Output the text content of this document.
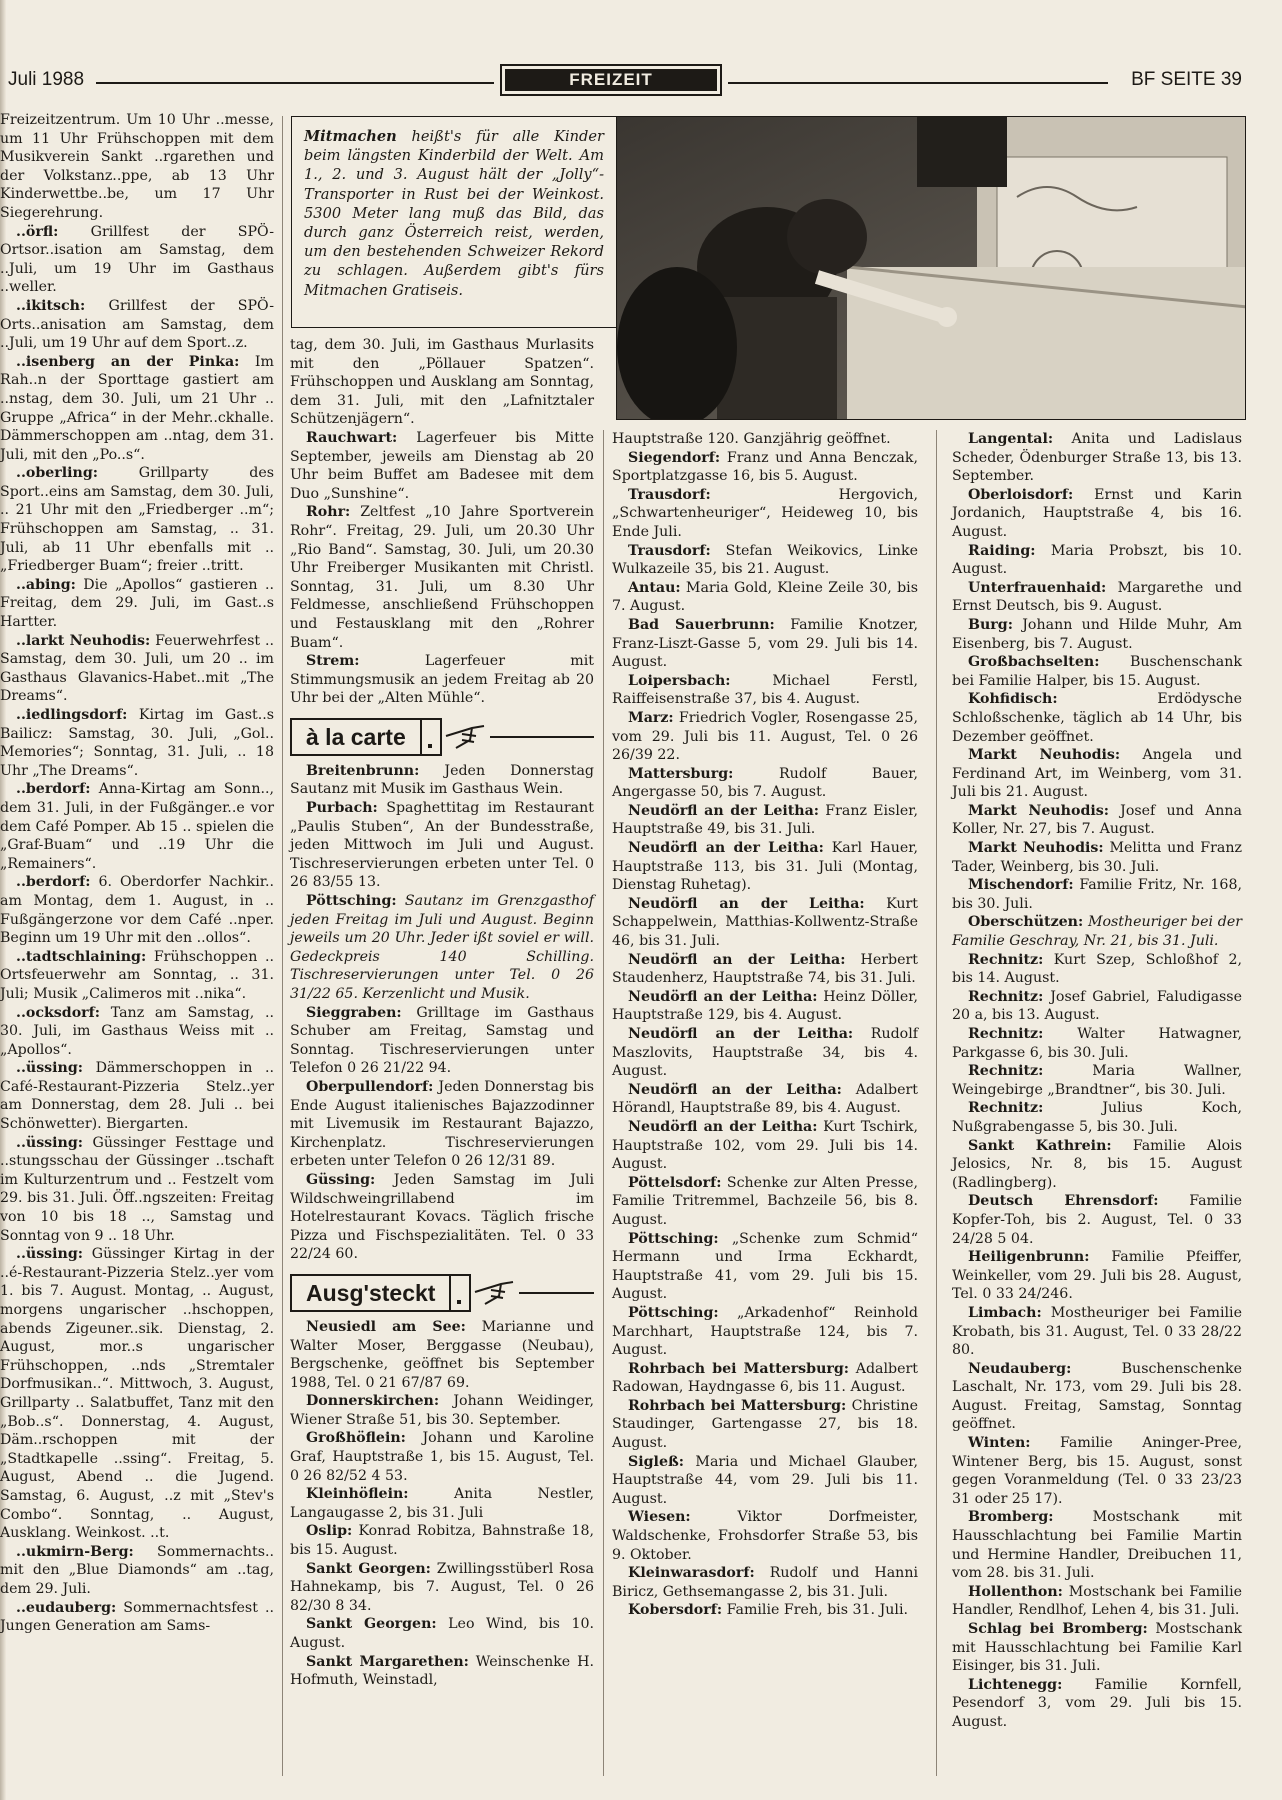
Juli 1988	FREIZEIT	BF SEITE 39
Mitmachen heißt's für alle Kinder beim längsten Kinderbild der Welt. Am 1., 2. und 3. August hält der „Jolly“-Transporter in Rust bei der Weinkost. 5300 Meter lang muß das Bild, das durch ganz Österreich reist, werden, um den bestehenden Schweizer Rekord zu schlagen. Außerdem gibt's fürs Mitmachen Gratiseis.

Freizeitzentrum. Um 10 Uhr ..messe, um 11 Uhr Frühschoppen mit dem Musikverein Sankt ..rgarethen und der Volkstanz..ppe, ab 13 Uhr Kinderwettbe..be, um 17 Uhr Siegerehrung.

..örfl: Grillfest der SPÖ-Ortsor..isation am Samstag, dem ..Juli, um 19 Uhr im Gasthaus ..weller.

..ikitsch: Grillfest der SPÖ-Orts..anisation am Samstag, dem ..Juli, um 19 Uhr auf dem Sport..z.

..isenberg an der Pinka: Im Rah..n der Sporttage gastiert am ..nstag, dem 30. Juli, um 21 Uhr .. Gruppe „Africa“ in der Mehr..ckhalle. Dämmerschoppen am ..ntag, dem 31. Juli, mit den „Po..s“.

..oberling: Grillparty des Sport..eins am Samstag, dem 30. Juli, .. 21 Uhr mit den „Friedberger ..m“; Frühschoppen am Samstag, .. 31. Juli, ab 11 Uhr ebenfalls mit .. „Friedberger Buam“; freier ..tritt.

..abing: Die „Apollos“ gastieren .. Freitag, dem 29. Juli, im Gast..s Hartter.

..larkt Neuhodis: Feuerwehrfest .. Samstag, dem 30. Juli, um 20 .. im Gasthaus Glavanics-Habet..mit „The Dreams“.

..iedlingsdorf: Kirtag im Gast..s Bailicz: Samstag, 30. Juli, „Gol.. Memories“; Sonntag, 31. Juli, .. 18 Uhr „The Dreams“.

..berdorf: Anna-Kirtag am Sonn.., dem 31. Juli, in der Fußgänger..e vor dem Café Pomper. Ab 15 .. spielen die „Graf-Buam“ und ..19 Uhr die „Remainers“.

..berdorf: 6. Oberdorfer Nachkir.. am Montag, dem 1. August, in .. Fußgängerzone vor dem Café ..nper. Beginn um 19 Uhr mit den ..ollos“.

..tadtschlaining: Frühschoppen .. Ortsfeuerwehr am Sonntag, .. 31. Juli; Musik „Calimeros mit ..nika“.

..ocksdorf: Tanz am Samstag, .. 30. Juli, im Gasthaus Weiss mit .. „Apollos“.

..üssing: Dämmerschoppen in .. Café-Restaurant-Pizzeria Stelz..yer am Donnerstag, dem 28. Juli .. bei Schönwetter). Biergarten.

..üssing: Güssinger Festtage und ..stungsschau der Güssinger ..tschaft im Kulturzentrum und .. Festzelt vom 29. bis 31. Juli. Öff..ngszeiten: Freitag von 10 bis 18 .., Samstag und Sonntag von 9 .. 18 Uhr.

..üssing: Güssinger Kirtag in der ..é-Restaurant-Pizzeria Stelz..yer vom 1. bis 7. August. Montag, .. August, morgens ungarischer ..hschoppen, abends Zigeuner..sik. Dienstag, 2. August, mor..s ungarischer Frühschoppen, ..nds „Stremtaler Dorfmusikan..“. Mittwoch, 3. August, Grillparty .. Salatbuffet, Tanz mit den „Bob..s“. Donnerstag, 4. August, Däm..rschoppen mit der „Stadtkapelle ..ssing“. Freitag, 5. August, Abend .. die Jugend. Samstag, 6. August, ..z mit „Stev's Combo“. Sonntag, .. August, Ausklang. Weinkost. ..t.

..ukmirn-Berg: Sommernachts.. mit den „Blue Diamonds“ am ..tag, dem 29. Juli.

..eudauberg: Sommernachtsfest .. Jungen Generation am Sams-

tag, dem 30. Juli, im Gasthaus Murlasits mit den „Pöllauer Spatzen“. Frühschoppen und Ausklang am Sonntag, dem 31. Juli, mit den „Lafnitztaler Schützenjägern“.

Rauchwart: Lagerfeuer bis Mitte September, jeweils am Dienstag ab 20 Uhr beim Buffet am Badesee mit dem Duo „Sunshine“.

Rohr: Zeltfest „10 Jahre Sportverein Rohr“. Freitag, 29. Juli, um 20.30 Uhr „Rio Band“. Samstag, 30. Juli, um 20.30 Uhr Freiberger Musikanten mit Christl. Sonntag, 31. Juli, um 8.30 Uhr Feldmesse, anschließend Frühschoppen und Festausklang mit den „Rohrer Buam“.

Strem: Lagerfeuer mit Stimmungsmusik an jedem Freitag ab 20 Uhr bei der „Alten Mühle“.

à la carte

Breitenbrunn: Jeden Donnerstag Sautanz mit Musik im Gasthaus Wein.

Purbach: Spaghettitag im Restaurant „Paulis Stuben“, An der Bundesstraße, jeden Mittwoch im Juli und August. Tischreservierungen erbeten unter Tel. 0 26 83/55 13.

Pöttsching: Sautanz im Grenzgasthof jeden Freitag im Juli und August. Beginn jeweils um 20 Uhr. Jeder ißt soviel er will. Gedeckpreis 140 Schilling. Tischreservierungen unter Tel. 0 26 31/22 65. Kerzenlicht und Musik.

Sieggraben: Grilltage im Gasthaus Schuber am Freitag, Samstag und Sonntag. Tischreservierungen unter Telefon 0 26 21/22 94.

Oberpullendorf: Jeden Donnerstag bis Ende August italienisches Bajazzodinner mit Livemusik im Restaurant Bajazzo, Kirchenplatz. Tischreservierungen erbeten unter Telefon 0 26 12/31 89.

Güssing: Jeden Samstag im Juli Wildschweingrillabend im Hotelrestaurant Kovacs. Täglich frische Pizza und Fischspezialitäten. Tel. 0 33 22/24 60.

Ausg'steckt

Neusiedl am See: Marianne und Walter Moser, Berggasse (Neubau), Bergschenke, geöffnet bis September 1988, Tel. 0 21 67/87 69.

Donnerskirchen: Johann Weidinger, Wiener Straße 51, bis 30. September.

Großhöflein: Johann und Karoline Graf, Hauptstraße 1, bis 15. August, Tel. 0 26 82/52 4 53.

Kleinhöflein: Anita Nestler, Langaugasse 2, bis 31. Juli

Oslip: Konrad Robitza, Bahnstraße 18, bis 15. August.

Sankt Georgen: Zwillingsstüberl Rosa Hahnekamp, bis 7. August, Tel. 0 26 82/30 8 34.

Sankt Georgen: Leo Wind, bis 10. August.

Sankt Margarethen: Weinschenke H. Hofmuth, Weinstadl,

Hauptstraße 120. Ganzjährig geöffnet.

Siegendorf: Franz und Anna Benczak, Sportplatzgasse 16, bis 5. August.

Trausdorf: Hergovich, „Schwartenheuriger“, Heideweg 10, bis Ende Juli.

Trausdorf: Stefan Weikovics, Linke Wulkazeile 35, bis 21. August.

Antau: Maria Gold, Kleine Zeile 30, bis 7. August.

Bad Sauerbrunn: Familie Knotzer, Franz-Liszt-Gasse 5, vom 29. Juli bis 14. August.

Loipersbach: Michael Ferstl, Raiffeisenstraße 37, bis 4. August.

Marz: Friedrich Vogler, Rosengasse 25, vom 29. Juli bis 11. August, Tel. 0 26 26/39 22.

Mattersburg: Rudolf Bauer, Angergasse 50, bis 7. August.

Neudörfl an der Leitha: Franz Eisler, Hauptstraße 49, bis 31. Juli.

Neudörfl an der Leitha: Karl Hauer, Hauptstraße 113, bis 31. Juli (Montag, Dienstag Ruhetag).

Neudörfl an der Leitha: Kurt Schappelwein, Matthias-Kollwentz-Straße 46, bis 31. Juli.

Neudörfl an der Leitha: Herbert Staudenherz, Hauptstraße 74, bis 31. Juli.

Neudörfl an der Leitha: Heinz Döller, Hauptstraße 129, bis 4. August.

Neudörfl an der Leitha: Rudolf Maszlovits, Hauptstraße 34, bis 4. August.

Neudörfl an der Leitha: Adalbert Hörandl, Hauptstraße 89, bis 4. August.

Neudörfl an der Leitha: Kurt Tschirk, Hauptstraße 102, vom 29. Juli bis 14. August.

Pöttelsdorf: Schenke zur Alten Presse, Familie Tritremmel, Bachzeile 56, bis 8. August.

Pöttsching: „Schenke zum Schmid“ Hermann und Irma Eckhardt, Hauptstraße 41, vom 29. Juli bis 15. August.

Pöttsching: „Arkadenhof“ Reinhold Marchhart, Hauptstraße 124, bis 7. August.

Rohrbach bei Mattersburg: Adalbert Radowan, Haydngasse 6, bis 11. August.

Rohrbach bei Mattersburg: Christine Staudinger, Gartengasse 27, bis 18. August.

Sigleß: Maria und Michael Glauber, Hauptstraße 44, vom 29. Juli bis 11. August.

Wiesen: Viktor Dorfmeister, Waldschenke, Frohsdorfer Straße 53, bis 9. Oktober.

Kleinwarasdorf: Rudolf und Hanni Biricz, Gethsemangasse 2, bis 31. Juli.

Kobersdorf: Familie Freh, bis 31. Juli.

Langental: Anita und Ladislaus Scheder, Ödenburger Straße 13, bis 13. September.

Oberloisdorf: Ernst und Karin Jordanich, Hauptstraße 4, bis 16. August.

Raiding: Maria Probszt, bis 10. August.

Unterfrauenhaid: Margarethe und Ernst Deutsch, bis 9. August.

Burg: Johann und Hilde Muhr, Am Eisenberg, bis 7. August.

Großbachselten: Buschenschank bei Familie Halper, bis 15. August.

Kohfidisch: Erdödysche Schloßschenke, täglich ab 14 Uhr, bis Dezember geöffnet.

Markt Neuhodis: Angela und Ferdinand Art, im Weinberg, vom 31. Juli bis 21. August.

Markt Neuhodis: Josef und Anna Koller, Nr. 27, bis 7. August.

Markt Neuhodis: Melitta und Franz Tader, Weinberg, bis 30. Juli.

Mischendorf: Familie Fritz, Nr. 168, bis 30. Juli.

Oberschützen: Mostheuriger bei der Familie Geschray, Nr. 21, bis 31. Juli.

Rechnitz: Kurt Szep, Schloßhof 2, bis 14. August.

Rechnitz: Josef Gabriel, Faludigasse 20 a, bis 13. August.

Rechnitz: Walter Hatwagner, Parkgasse 6, bis 30. Juli.

Rechnitz: Maria Wallner, Weingebirge „Brandtner“, bis 30. Juli.

Rechnitz: Julius Koch, Nußgrabengasse 5, bis 30. Juli.

Sankt Kathrein: Familie Alois Jelosics, Nr. 8, bis 15. August (Radlingberg).

Deutsch Ehrensdorf: Familie Kopfer-Toh, bis 2. August, Tel. 0 33 24/28 5 04.

Heiligenbrunn: Familie Pfeiffer, Weinkeller, vom 29. Juli bis 28. August, Tel. 0 33 24/246.

Limbach: Mostheuriger bei Familie Krobath, bis 31. August, Tel. 0 33 28/22 80.

Neudauberg: Buschenschenke Laschalt, Nr. 173, vom 29. Juli bis 28. August. Freitag, Samstag, Sonntag geöffnet.

Winten: Familie Aninger-Pree, Wintener Berg, bis 15. August, sonst gegen Voranmeldung (Tel. 0 33 23/23 31 oder 25 17).

Bromberg: Mostschank mit Hausschlachtung bei Familie Martin und Hermine Handler, Dreibuchen 11, vom 28. bis 31. Juli.

Hollenthon: Mostschank bei Familie Handler, Rendlhof, Lehen 4, bis 31. Juli.

Schlag bei Bromberg: Mostschank mit Hausschlachtung bei Familie Karl Eisinger, bis 31. Juli.

Lichtenegg: Familie Kornfell, Pesendorf 3, vom 29. Juli bis 15. August.
